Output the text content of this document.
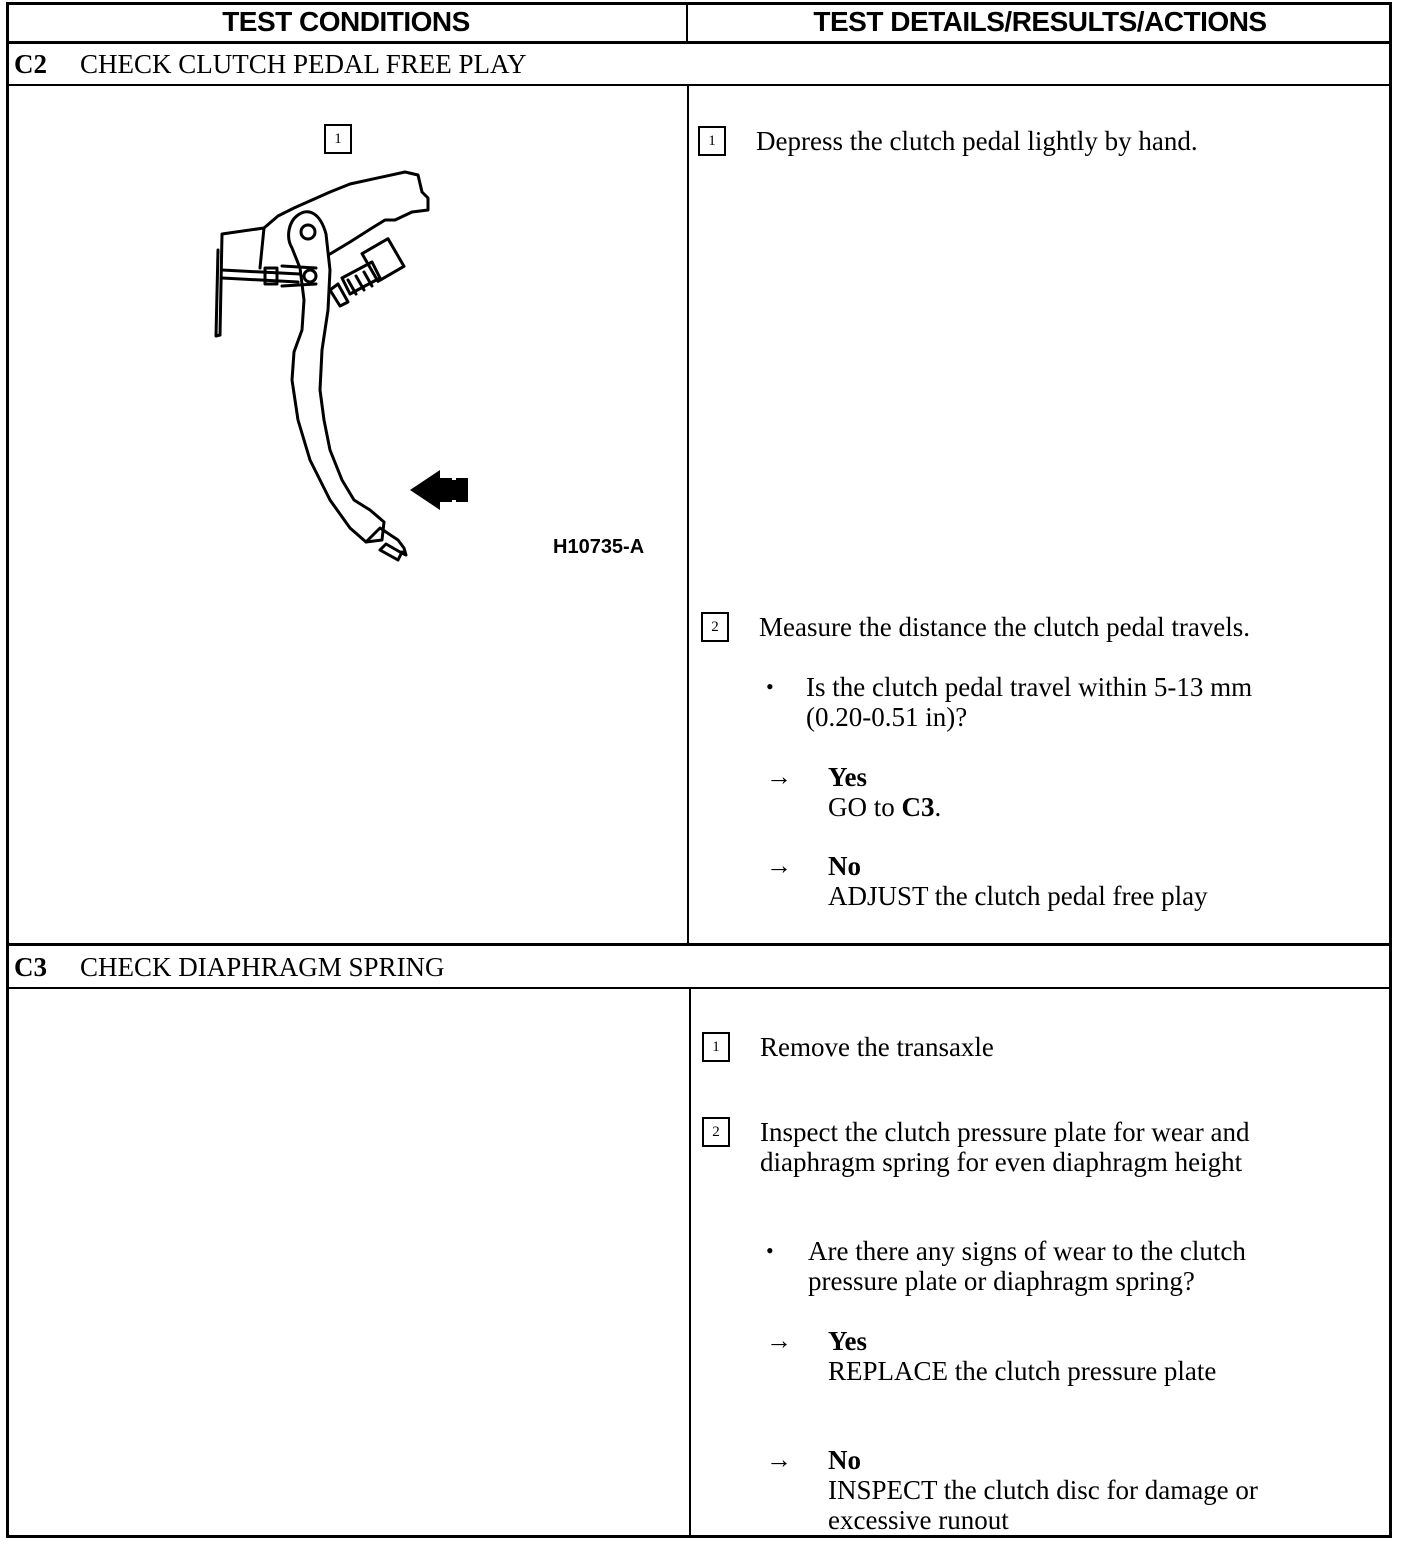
TEST CONDITIONS	TEST DETAILS/RESULTS/ACTIONS
C2 CHECK CLUTCH PEDAL FREE PLAY
1
H10735-A
1	Depress the clutch pedal lightly by hand.
2	Measure the distance the clutch pedal travels.
• Is the clutch pedal travel within 5-13 mm (0.20-0.51 in)?
→ Yes
GO to C3.
→ No
ADJUST the clutch pedal free play
C3 CHECK DIAPHRAGM SPRING
1	Remove the transaxle
2	Inspect the clutch pressure plate for wear and diaphragm spring for even diaphragm height
• Are there any signs of wear to the clutch pressure plate or diaphragm spring?
→ Yes
REPLACE the clutch pressure plate
→ No
INSPECT the clutch disc for damage or excessive runout
